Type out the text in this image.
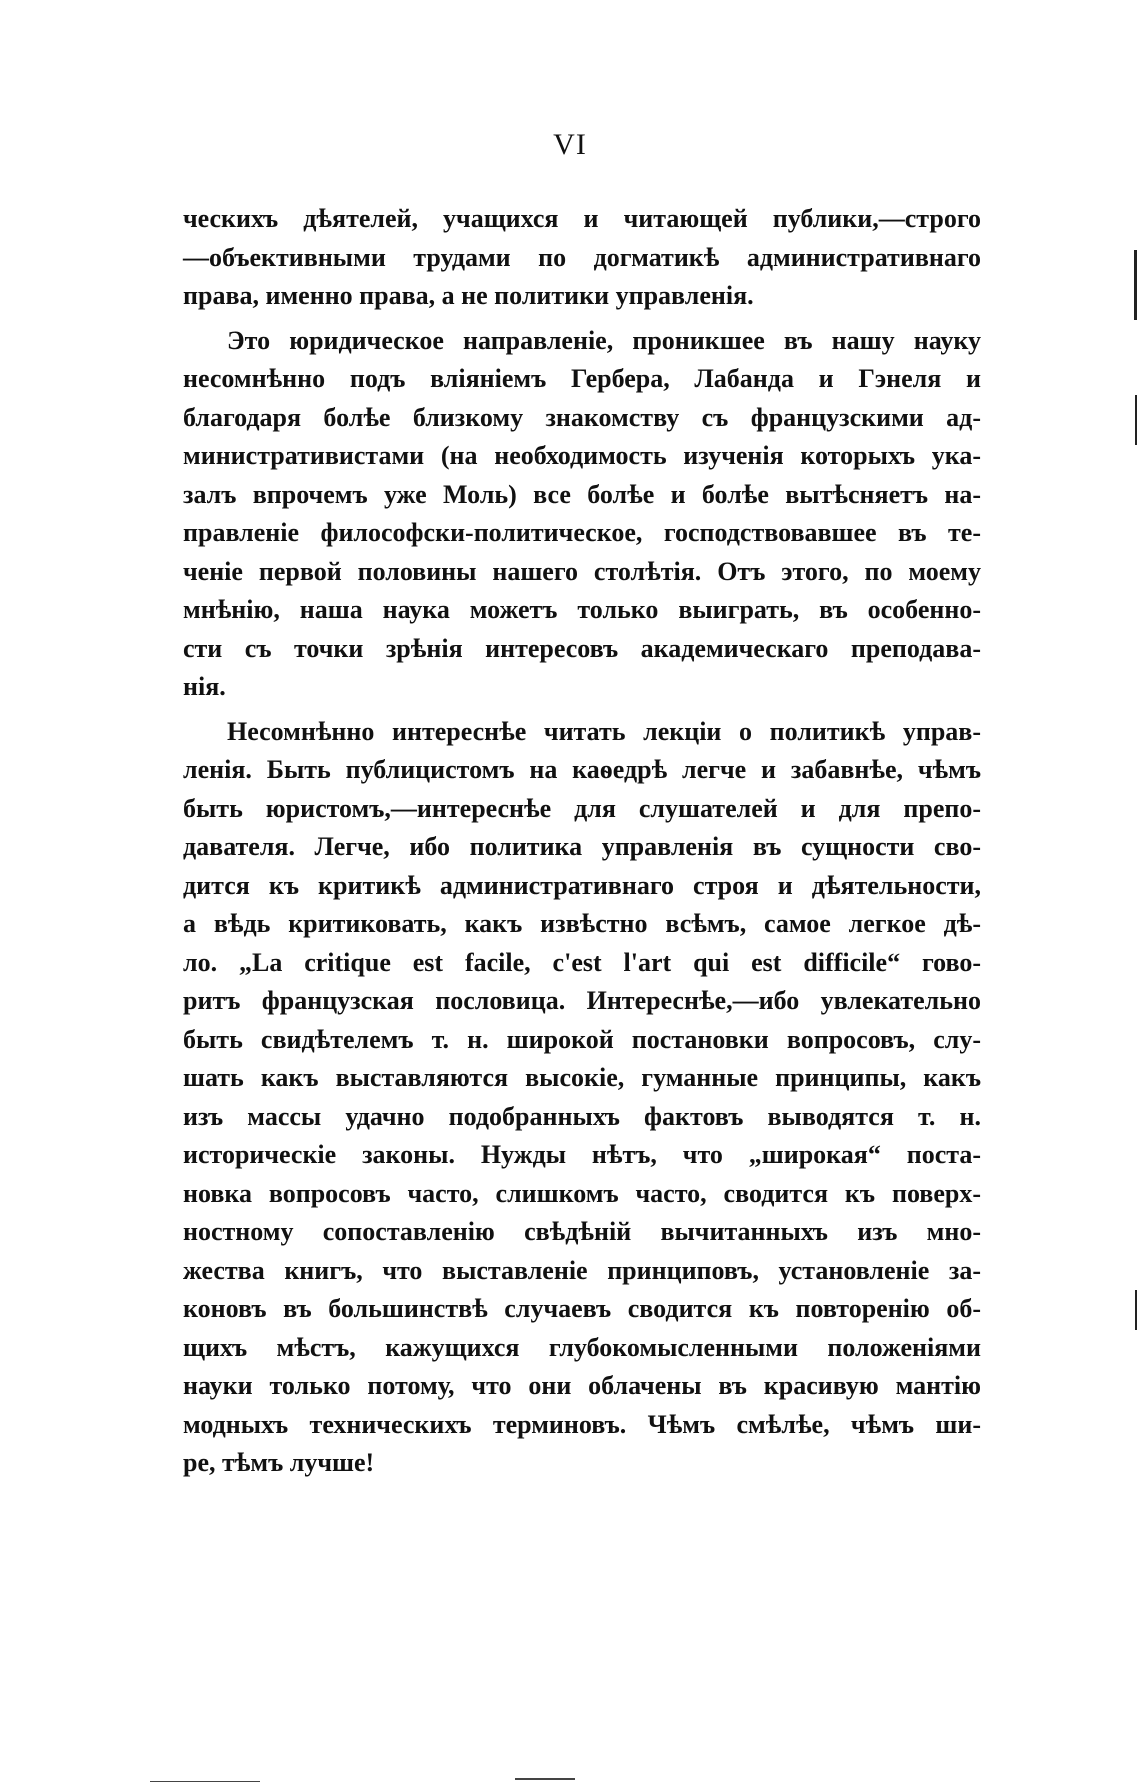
VI
ческихъ дѣятелей, учащихся и читающей публики,—строго
—объективными трудами по догматикѣ административнаго
права, именно права, а не политики управленія.
Это юридическое направленіе, проникшее въ нашу науку
несомнѣнно подъ вліяніемъ Гербера, Лабанда и Гэнеля и
благодаря болѣе близкому знакомству съ французскими ад-
министративистами (на необходимость изученія которыхъ ука-
залъ впрочемъ уже Моль) все болѣе и болѣе вытѣсняетъ на-
правленіе философски-политическое, господствовавшее въ те-
ченіе первой половины нашего столѣтія. Отъ этого, по моему
мнѣнію, наша наука можетъ только выиграть, въ особенно-
сти съ точки зрѣнія интересовъ академическаго преподава-
нія.
Несомнѣнно интереснѣе читать лекціи о политикѣ управ-
ленія. Быть публицистомъ на каѳедрѣ легче и забавнѣе, чѣмъ
быть юристомъ,—интереснѣе для слушателей и для препо-
давателя. Легче, ибо политика управленія въ сущности сво-
дится къ критикѣ административнаго строя и дѣятельности,
а вѣдь критиковать, какъ извѣстно всѣмъ, самое легкое дѣ-
ло. „La critique est facile, c'est l'art qui est difficile“ гово-
ритъ французская пословица. Интереснѣе,—ибо увлекательно
быть свидѣтелемъ т. н. широкой постановки вопросовъ, слу-
шать какъ выставляются высокіе, гуманные принципы, какъ
изъ массы удачно подобранныхъ фактовъ выводятся т. н.
историческіе законы. Нужды нѣтъ, что „широкая“ поста-
новка вопросовъ часто, слишкомъ часто, сводится къ поверх-
ностному сопоставленію свѣдѣній вычитанныхъ изъ мно-
жества книгъ, что выставленіе принциповъ, установленіе за-
коновъ въ большинствѣ случаевъ сводится къ повторенію об-
щихъ мѣстъ, кажущихся глубокомысленными положеніями
науки только потому, что они облачены въ красивую мантію
модныхъ техническихъ терминовъ. Чѣмъ смѣлѣе, чѣмъ ши-
ре, тѣмъ лучше!
